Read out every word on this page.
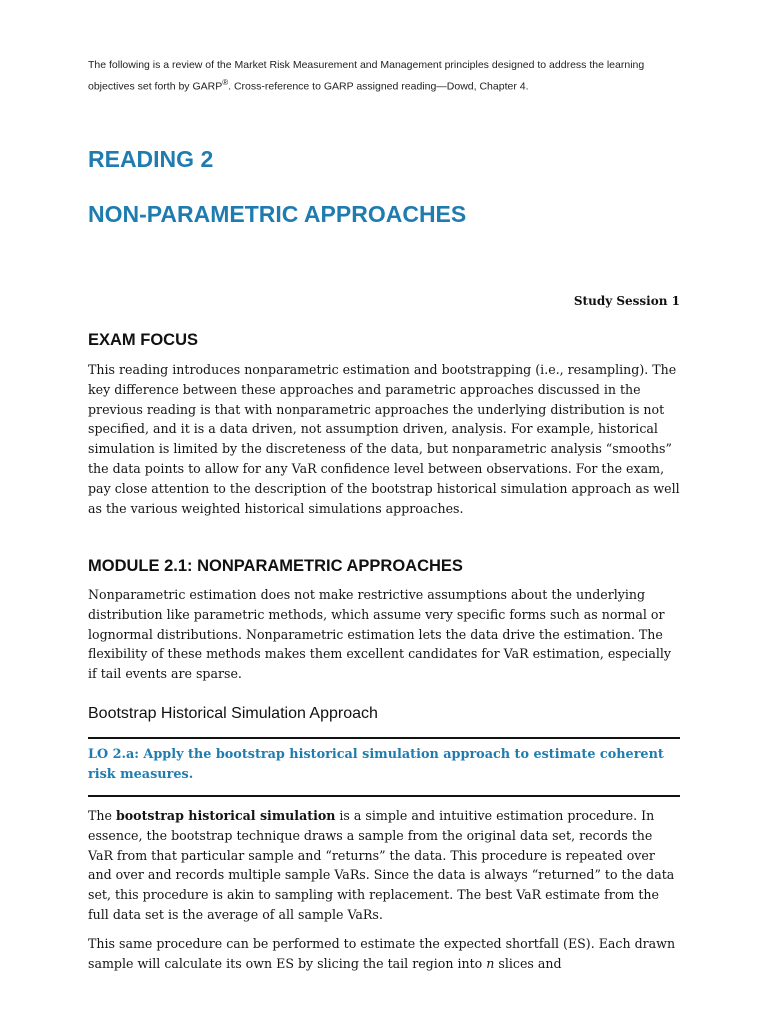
The following is a review of the Market Risk Measurement and Management principles designed to address the learning objectives set forth by GARP®. Cross-reference to GARP assigned reading—Dowd, Chapter 4.

READING 2
NON-PARAMETRIC APPROACHES
Study Session 1
EXAM FOCUS

This reading introduces nonparametric estimation and bootstrapping (i.e., resampling). The key difference between these approaches and parametric approaches discussed in the previous reading is that with nonparametric approaches the underlying distribution is not specified, and it is a data driven, not assumption driven, analysis. For example, historical simulation is limited by the discreteness of the data, but nonparametric analysis “smooths” the data points to allow for any VaR confidence level between observations. For the exam, pay close attention to the description of the bootstrap historical simulation approach as well as the various weighted historical simulations approaches.

MODULE 2.1: NONPARAMETRIC APPROACHES

Nonparametric estimation does not make restrictive assumptions about the underlying distribution like parametric methods, which assume very specific forms such as normal or lognormal distributions. Nonparametric estimation lets the data drive the estimation. The flexibility of these methods makes them excellent candidates for VaR estimation, especially if tail events are sparse.

Bootstrap Historical Simulation Approach

LO 2.a: Apply the bootstrap historical simulation approach to estimate coherent risk measures.

The bootstrap historical simulation is a simple and intuitive estimation procedure. In essence, the bootstrap technique draws a sample from the original data set, records the VaR from that particular sample and “returns” the data. This procedure is repeated over and over and records multiple sample VaRs. Since the data is always “returned” to the data set, this procedure is akin to sampling with replacement. The best VaR estimate from the full data set is the average of all sample VaRs.

This same procedure can be performed to estimate the expected shortfall (ES). Each drawn sample will calculate its own ES by slicing the tail region into n slices and
